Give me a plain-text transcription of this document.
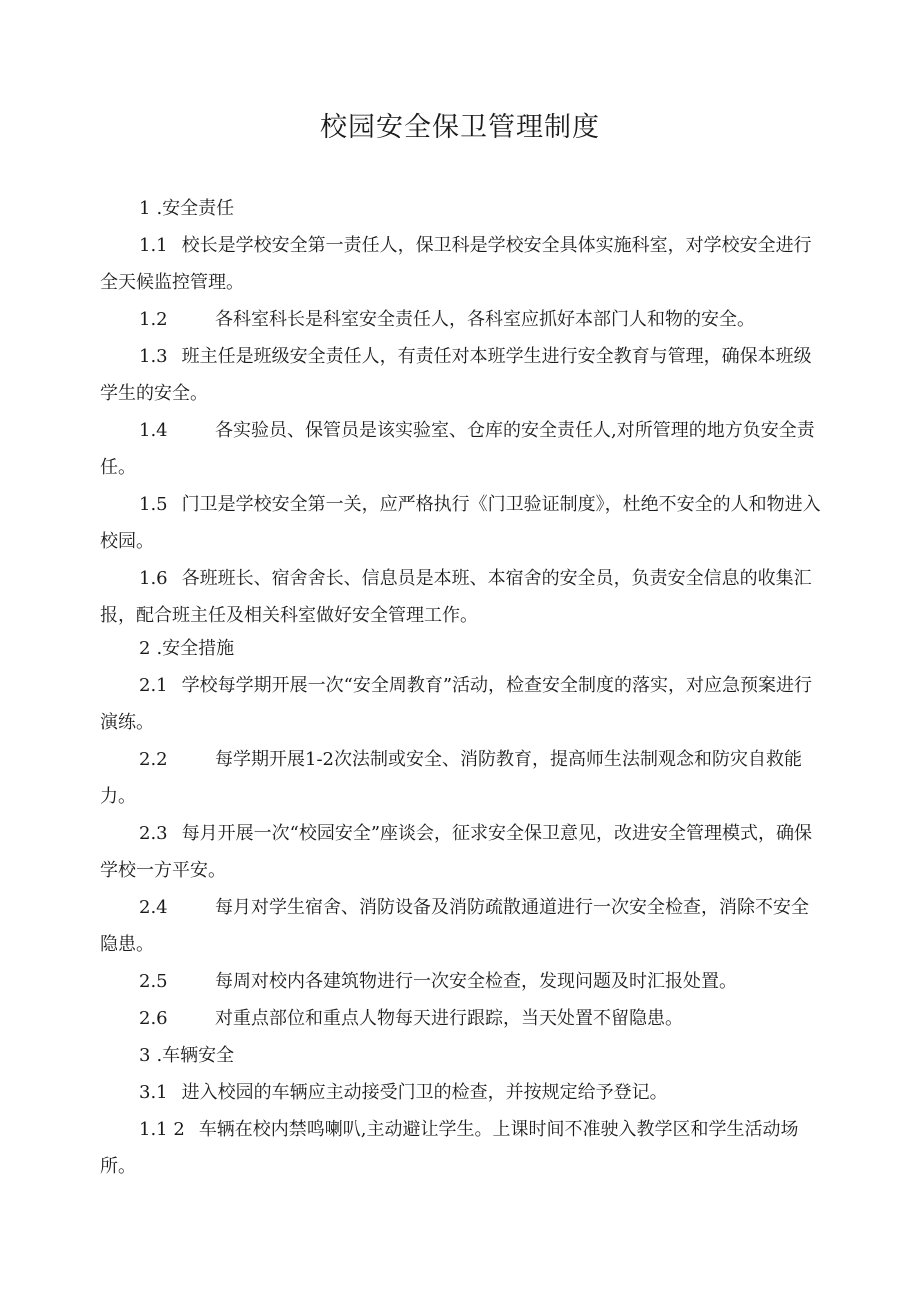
校园安全保卫管理制度
1 .安全责任
1.1 校长是学校安全第一责任人，保卫科是学校安全具体实施科室，对学校安全进行全天候监控管理。
1.2	各科室科长是科室安全责任人，各科室应抓好本部门人和物的安全。
1.3 班主任是班级安全责任人，有责任对本班学生进行安全教育与管理，确保本班级学生的安全。
1.4	各实验员、保管员是该实验室、仓库的安全责任人,对所管理的地方负安全责任。
1.5 门卫是学校安全第一关，应严格执行《门卫验证制度》，杜绝不安全的人和物进入校园。
1.6 各班班长、宿舍舍长、信息员是本班、本宿舍的安全员，负责安全信息的收集汇报，配合班主任及相关科室做好安全管理工作。
2 .安全措施
2.1 学校每学期开展一次“安全周教育”活动，检查安全制度的落实，对应急预案进行演练。
2.2	每学期开展1-2次法制或安全、消防教育，提高师生法制观念和防灾自救能力。
2.3 每月开展一次“校园安全”座谈会，征求安全保卫意见，改进安全管理模式，确保学校一方平安。
2.4	每月对学生宿舍、消防设备及消防疏散通道进行一次安全检查，消除不安全隐患。
2.5	每周对校内各建筑物进行一次安全检查，发现问题及时汇报处置。
2.6	对重点部位和重点人物每天进行跟踪，当天处置不留隐患。
3 .车辆安全
3.1 进入校园的车辆应主动接受门卫的检查，并按规定给予登记。
1.1 2 车辆在校内禁鸣喇叭,主动避让学生。上课时间不准驶入教学区和学生活动场所。
